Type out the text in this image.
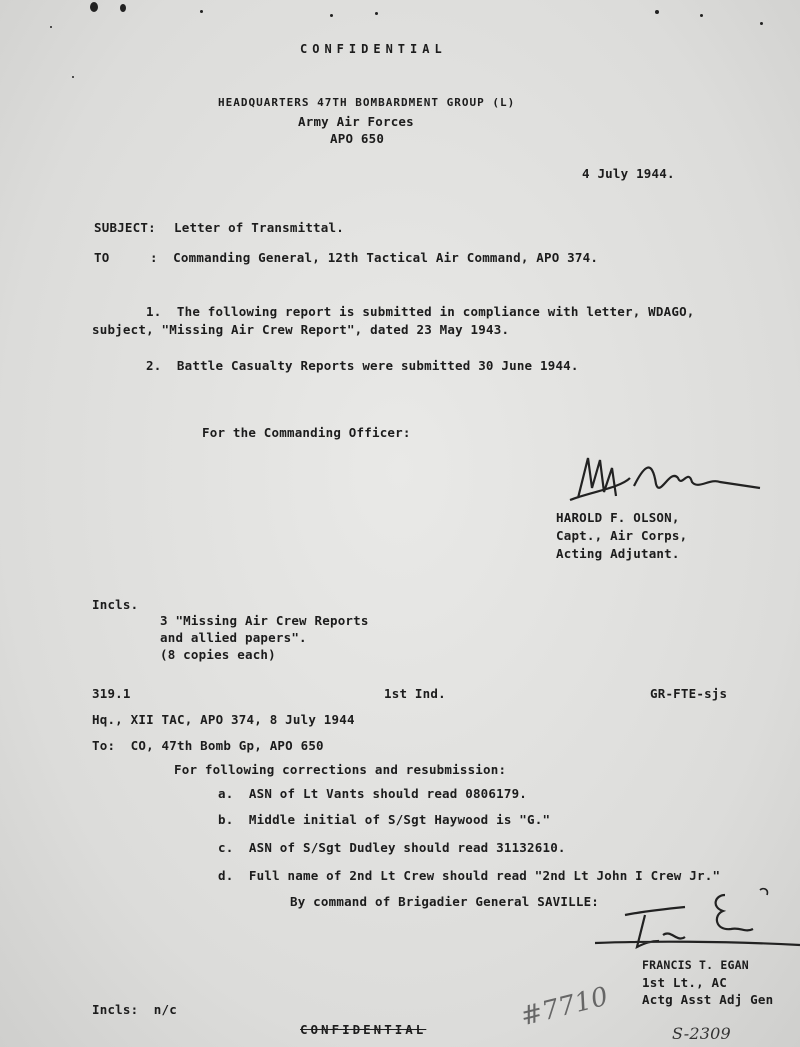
CONFIDENTIAL
HEADQUARTERS 47TH BOMBARDMENT GROUP (L)
Army Air Forces
APO 650
4 July 1944.
SUBJECT: Letter of Transmittal.
TO	:  Commanding General, 12th Tactical Air Command, APO 374.
1.  The following report is submitted in compliance with letter, WDAGO,
subject, "Missing Air Crew Report", dated 23 May 1943.
2.  Battle Casualty Reports were submitted 30 June 1944.
For the Commanding Officer:
HAROLD F. OLSON,
Capt., Air Corps,
Acting Adjutant.
Incls.
3 "Missing Air Crew Reports
and allied papers".
(8 copies each)
319.1	1st Ind.	GR-FTE-sjs
Hq., XII TAC, APO 374, 8 July 1944
To:  CO, 47th Bomb Gp, APO 650
For following corrections and resubmission:
a.  ASN of Lt Vants should read 0806179.
b.  Middle initial of S/Sgt Haywood is "G."
c.  ASN of S/Sgt Dudley should read 31132610.
d.  Full name of 2nd Lt Crew should read "2nd Lt John I Crew Jr."
By command of Brigadier General SAVILLE:
FRANCIS T. EGAN
1st Lt., AC
Actg Asst Adj Gen
Incls:  n/c
CONFIDENTIAL	#7710
S-2309
